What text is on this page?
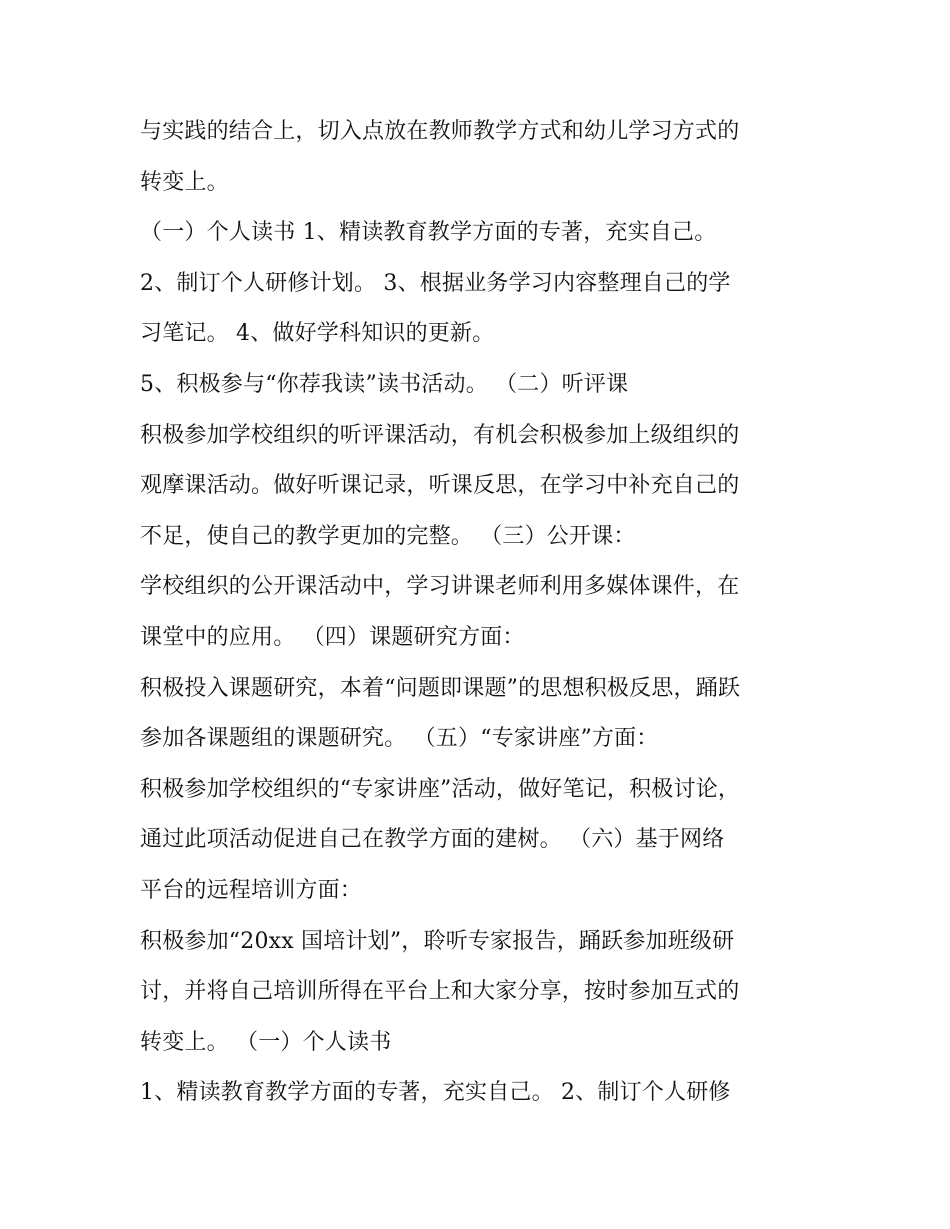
与实践的结合上，切入点放在教师教学方式和幼儿学习方式的
转变上。
（一）个人读书 1、精读教育教学方面的专著，充实自己。
2、制订个人研修计划。 3、根据业务学习内容整理自己的学
习笔记。 4、做好学科知识的更新。
5、积极参与“你荐我读”读书活动。 （二）听评课
积极参加学校组织的听评课活动，有机会积极参加上级组织的
观摩课活动。做好听课记录，听课反思，在学习中补充自己的
不足，使自己的教学更加的完整。 （三）公开课：
学校组织的公开课活动中，学习讲课老师利用多媒体课件，在
课堂中的应用。 （四）课题研究方面：
积极投入课题研究，本着“问题即课题”的思想积极反思，踊跃
参加各课题组的课题研究。 （五）“专家讲座”方面：
积极参加学校组织的“专家讲座”活动，做好笔记，积极讨论，
通过此项活动促进自己在教学方面的建树。 （六）基于网络
平台的远程培训方面：
积极参加“20xx 国培计划”，聆听专家报告，踊跃参加班级研
讨，并将自己培训所得在平台上和大家分享，按时参加互式的
转变上。 （一）个人读书
1、精读教育教学方面的专著，充实自己。 2、制订个人研修
